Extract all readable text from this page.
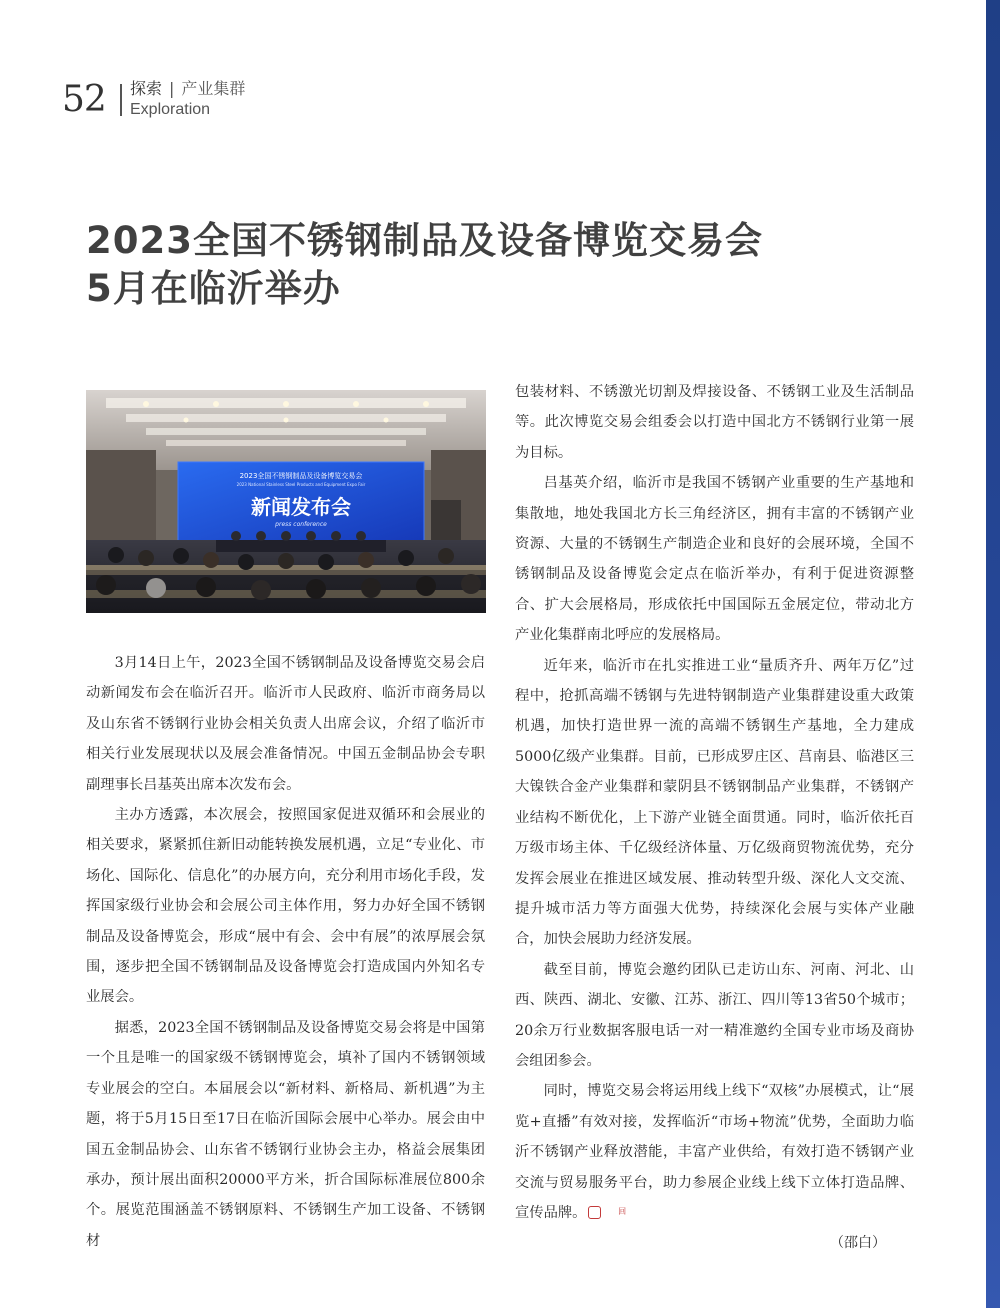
52 探索 | 产业集群
Exploration
2023全国不锈钢制品及设备博览交易会
5月在临沂举办
2023全国不锈钢制品及设备博览交易会
2023 National Stainless Steel Products and Equipment Expo Fair
新闻发布会
press conference

3月14日上午，2023全国不锈钢制品及设备博览交易会启动新闻发布会在临沂召开。临沂市人民政府、临沂市商务局以及山东省不锈钢行业协会相关负责人出席会议，介绍了临沂市相关行业发展现状以及展会准备情况。中国五金制品协会专职副理事长吕基英出席本次发布会。

主办方透露，本次展会，按照国家促进双循环和会展业的相关要求，紧紧抓住新旧动能转换发展机遇，立足“专业化、市场化、国际化、信息化”的办展方向，充分利用市场化手段，发挥国家级行业协会和会展公司主体作用，努力办好全国不锈钢制品及设备博览会，形成“展中有会、会中有展”的浓厚展会氛围，逐步把全国不锈钢制品及设备博览会打造成国内外知名专业展会。

据悉，2023全国不锈钢制品及设备博览交易会将是中国第一个且是唯一的国家级不锈钢博览会，填补了国内不锈钢领域专业展会的空白。本届展会以“新材料、新格局、新机遇”为主题，将于5月15日至17日在临沂国际会展中心举办。展会由中国五金制品协会、山东省不锈钢行业协会主办，格益会展集团承办，预计展出面积20000平方米，折合国际标准展位800余个。展览范围涵盖不锈钢原料、不锈钢生产加工设备、不锈钢材

包装材料、不锈激光切割及焊接设备、不锈钢工业及生活制品等。此次博览交易会组委会以打造中国北方不锈钢行业第一展为目标。

吕基英介绍，临沂市是我国不锈钢产业重要的生产基地和集散地，地处我国北方长三角经济区，拥有丰富的不锈钢产业资源、大量的不锈钢生产制造企业和良好的会展环境，全国不锈钢制品及设备博览会定点在临沂举办，有利于促进资源整合、扩大会展格局，形成依托中国国际五金展定位，带动北方产业化集群南北呼应的发展格局。

近年来，临沂市在扎实推进工业“量质齐升、两年万亿”过程中，抢抓高端不锈钢与先进特钢制造产业集群建设重大政策机遇，加快打造世界一流的高端不锈钢生产基地，全力建成5000亿级产业集群。目前，已形成罗庄区、莒南县、临港区三大镍铁合金产业集群和蒙阴县不锈钢制品产业集群，不锈钢产业结构不断优化，上下游产业链全面贯通。同时，临沂依托百万级市场主体、千亿级经济体量、万亿级商贸物流优势，充分发挥会展业在推进区域发展、推动转型升级、深化人文交流、提升城市活力等方面强大优势，持续深化会展与实体产业融合，加快会展助力经济发展。

截至目前，博览会邀约团队已走访山东、河南、河北、山西、陕西、湖北、安徽、江苏、浙江、四川等13省50个城市；20余万行业数据客服电话一对一精准邀约全国专业市场及商协会组团参会。

同时，博览交易会将运用线上线下“双核”办展模式，让“展览+直播”有效对接，发挥临沂“市场+物流”优势，全面助力临沂不锈钢产业释放潜能，丰富产业供给，有效打造不锈钢产业交流与贸易服务平台，助力参展企业线上线下立体打造品牌、宣传品牌。	回

（邵白）
